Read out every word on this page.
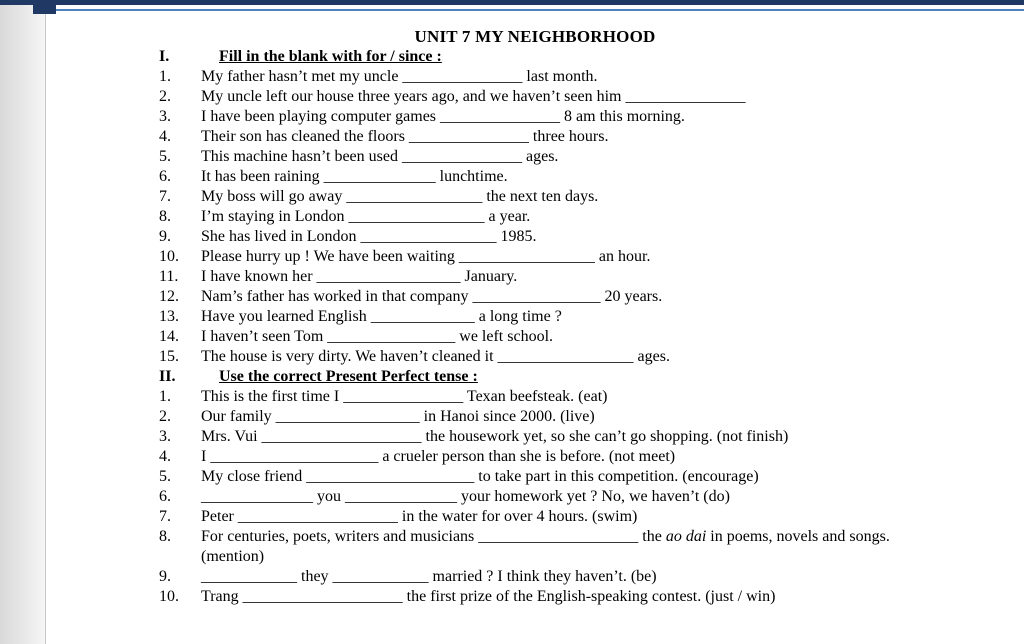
UNIT 7 MY NEIGHBORHOOD
I.	Fill in the blank with for / since :
1.	My father hasn’t met my uncle _______________ last month.
2.	My uncle left our house three years ago, and we haven’t seen him _______________
3.	I have been playing computer games _______________ 8 am this morning.
4.	Their son has cleaned the floors _______________ three hours.
5.	This machine hasn’t been used _______________ ages.
6.	It has been raining ______________ lunchtime.
7.	My boss will go away _________________ the next ten days.
8.	I’m staying in London _________________ a year.
9.	She has lived in London _________________ 1985.
10.	Please hurry up ! We have been waiting _________________ an hour.
11.	I have known her __________________ January.
12.	Nam’s father has worked in that company ________________ 20 years.
13.	Have you learned English _____________ a long time ?
14.	I haven’t seen Tom ________________ we left school.
15.	The house is very dirty. We haven’t cleaned it _________________ ages.
II.	Use the correct Present Perfect tense :
1.	This is the first time I _______________ Texan beefsteak. (eat)
2.	Our family __________________ in Hanoi since 2000. (live)
3.	Mrs. Vui ____________________ the housework yet, so she can’t go shopping. (not finish)
4.	I _____________________ a crueler person than she is before. (not meet)
5.	My close friend _____________________ to take part in this competition. (encourage)
6.	______________ you ______________ your homework yet ? No, we haven’t (do)
7.	Peter ____________________ in the water for over 4 hours. (swim)
8.	For centuries, poets, writers and musicians ____________________ the ao dai in poems, novels and songs. (mention)
9.	____________ they ____________ married ? I think they haven’t. (be)
10.	Trang ____________________ the first prize of the English-speaking contest. (just / win)
